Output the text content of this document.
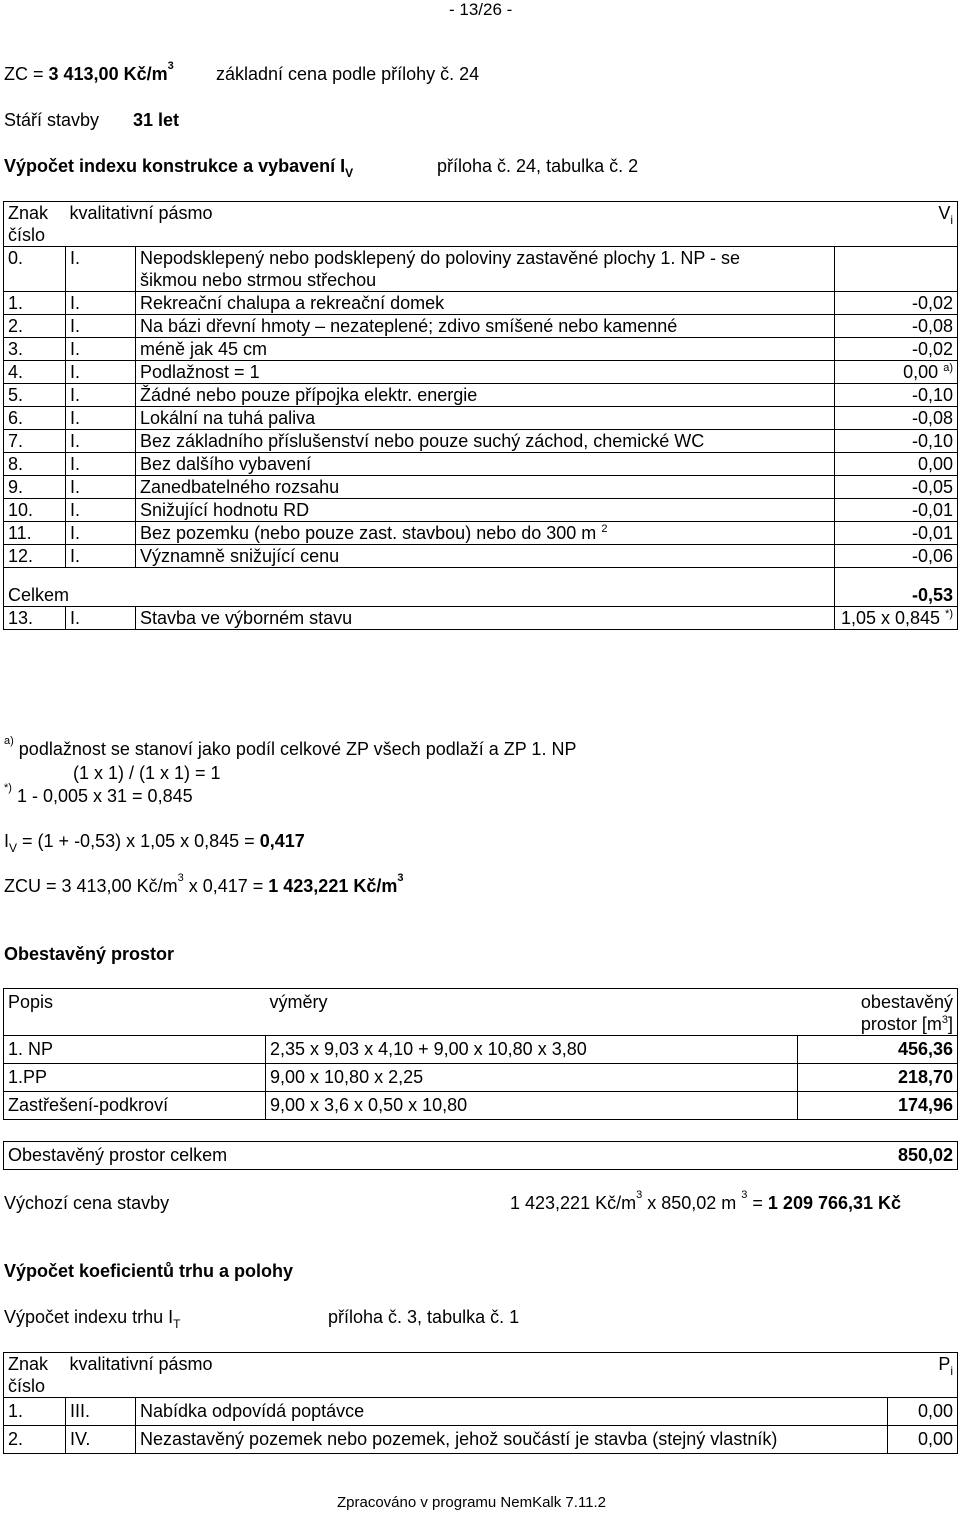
- 13/26 -
ZC = 3 413,00 $Kč/m^3$ základní cena podle přílohy č. 24
Stáří stavby 31 let
Výpočet indexu konstrukce a vybavení $I_V$	příloha č. 24, tabulka č. 2
Znak
číslo	kvalitativní pásmo		$V_i$
0.	I.	Nepodsklepený nebo podsklepený do poloviny zastavěné plochy 1. NP - se
šikmou nebo strmou střechou	

1.	I.	Rekreační chalupa a rekreační domek	-0,02
2.	I.	Na bázi dřevní hmoty – nezateplené; zdivo smíšené nebo kamenné	-0,08
3.	I.	méně jak 45 cm	-0,02
4.	I.	Podlažnost = 1	0,00 $^{a)}$
5.	I.	Žádné nebo pouze přípojka elektr. energie	-0,10
6.	I.	Lokální na tuhá paliva	-0,08
7.	I.	Bez základního příslušenství nebo pouze suchý záchod, chemické WC	-0,10
8.	I.	Bez dalšího vybavení	0,00
9.	I.	Zanedbatelného rozsahu	-0,05
10.	I.	Snižující hodnotu RD	-0,01
11.	I.	Bez pozemku (nebo pouze zast. stavbou) nebo do 300 m $^2$	-0,01
12.	I.	Významně snižující cenu	-0,06
Celkem			-0,53
13.	I.	Stavba ve výborném stavu	1,05 x 0,845 *)
$^{a)}$ podlažnost se stanoví jako podíl celkové ZP všech podlaží a ZP 1. NP
(1 x 1) / (1 x 1) = 1
*) 1 - 0,005 x 31 = 0,845
$I_V = (1 + -0,53)$ x 1,05 x 0,845 = 0,417
ZCU = 3 413,00 $Kč/m^3$ x 0,417 = 1 423,221 $Kč/m^3$
Obestavěný prostor
Popis	výměry	obestavěný
prostor $[m^3]$

1. NP	2,35 x 9,03 x 4,10 + 9,00 x 10,80 x 3,80	456,36
1.PP	9,00 x 10,80 x 2,25	218,70
Zastřešení-podkroví	9,00 x 3,6 x 0,50 x 10,80	174,96
Obestavěný prostor celkem	850,02
Výchozí cena stavby	1 423,221 $Kč/m^3$ x 850,02 m $^3$ = 1 209 766,31 Kč
Výpočet koeficientů trhu a polohy
Výpočet indexu trhu $I_T$	příloha č. 3, tabulka č. 1
Znak
číslo	kvalitativní pásmo		$P_i$
1.	III.	Nabídka odpovídá poptávce	0,00
2.	IV.	Nezastavěný pozemek nebo pozemek, jehož součástí je stavba (stejný vlastník)	0,00
Zpracováno v programu NemKalk 7.11.2
